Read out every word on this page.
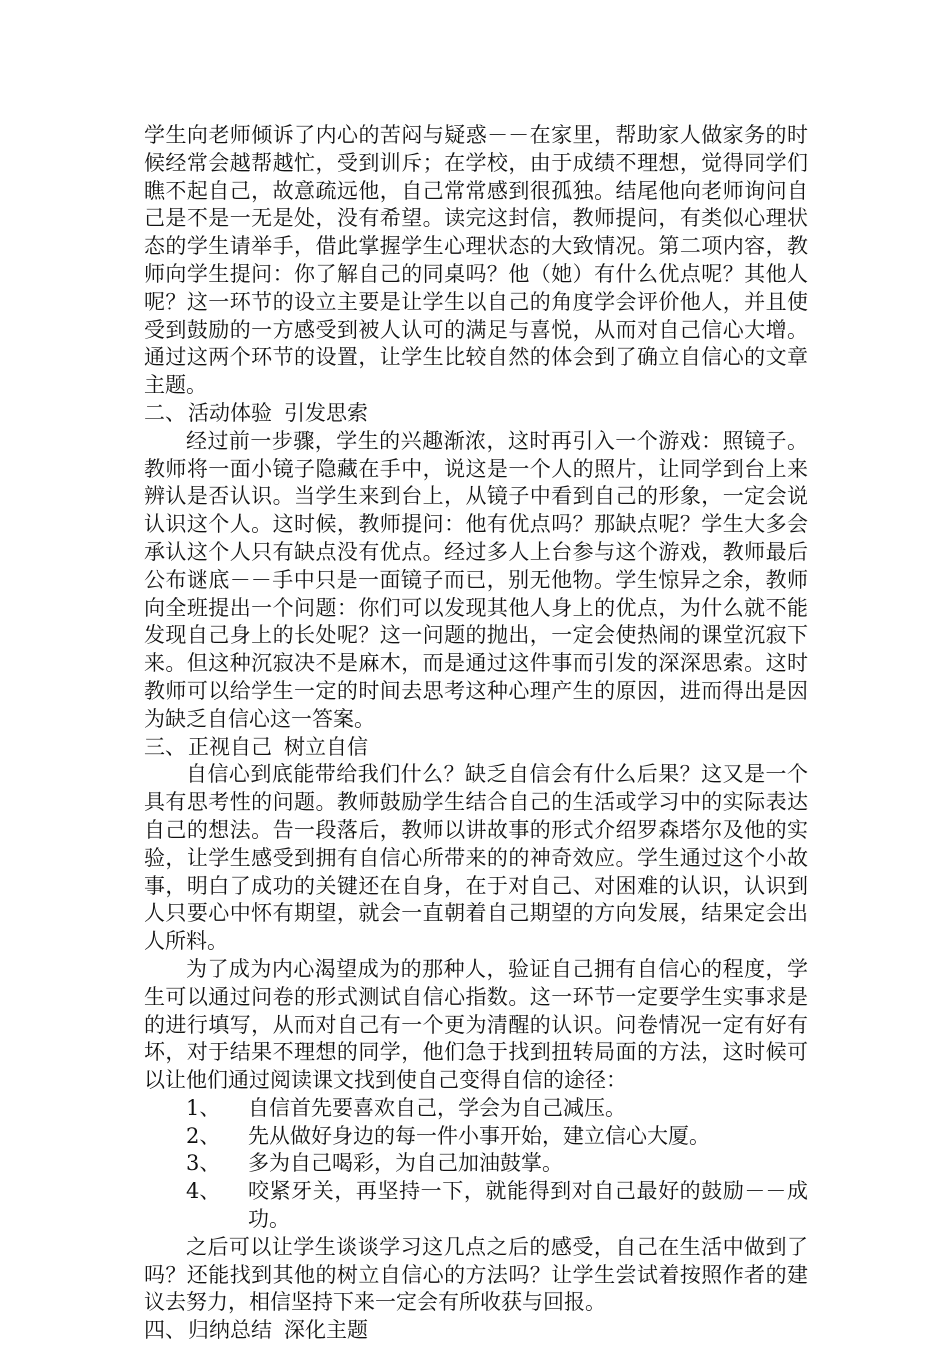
学生向老师倾诉了内心的苦闷与疑惑－－在家里，帮助家人做家务的时候经常会越帮越忙，受到训斥；在学校，由于成绩不理想，觉得同学们瞧不起自己，故意疏远他，自己常常感到很孤独。结尾他向老师询问自己是不是一无是处，没有希望。读完这封信，教师提问，有类似心理状态的学生请举手，借此掌握学生心理状态的大致情况。第二项内容，教师向学生提问：你了解自己的同桌吗？他（她）有什么优点呢？其他人呢？这一环节的设立主要是让学生以自己的角度学会评价他人，并且使受到鼓励的一方感受到被人认可的满足与喜悦，从而对自己信心大增。通过这两个环节的设置，让学生比较自然的体会到了确立自信心的文章主题。

二、 活动体验 引发思索

经过前一步骤，学生的兴趣渐浓，这时再引入一个游戏：照镜子。教师将一面小镜子隐藏在手中，说这是一个人的照片，让同学到台上来辨认是否认识。当学生来到台上，从镜子中看到自己的形象，一定会说认识这个人。这时候，教师提问：他有优点吗？那缺点呢？学生大多会承认这个人只有缺点没有优点。经过多人上台参与这个游戏，教师最后公布谜底－－手中只是一面镜子而已，别无他物。学生惊异之余，教师向全班提出一个问题：你们可以发现其他人身上的优点，为什么就不能发现自己身上的长处呢？这一问题的抛出，一定会使热闹的课堂沉寂下来。但这种沉寂决不是麻木，而是通过这件事而引发的深深思索。这时教师可以给学生一定的时间去思考这种心理产生的原因，进而得出是因为缺乏自信心这一答案。

三、 正视自己 树立自信

自信心到底能带给我们什么？缺乏自信会有什么后果？这又是一个具有思考性的问题。教师鼓励学生结合自己的生活或学习中的实际表达自己的想法。告一段落后，教师以讲故事的形式介绍罗森塔尔及他的实验，让学生感受到拥有自信心所带来的的神奇效应。学生通过这个小故事，明白了成功的关键还在自身，在于对自己、对困难的认识，认识到人只要心中怀有期望，就会一直朝着自己期望的方向发展，结果定会出人所料。

为了成为内心渴望成为的那种人，验证自己拥有自信心的程度，学生可以通过问卷的形式测试自信心指数。这一环节一定要学生实事求是的进行填写，从而对自己有一个更为清醒的认识。问卷情况一定有好有坏，对于结果不理想的同学，他们急于找到扭转局面的方法，这时候可以让他们通过阅读课文找到使自己变得自信的途径：

1、	自信首先要喜欢自己，学会为自己减压。
2、	先从做好身边的每一件小事开始，建立信心大厦。
3、	多为自己喝彩，为自己加油鼓掌。
4、	咬紧牙关，再坚持一下，就能得到对自己最好的鼓励－－成功。

之后可以让学生谈谈学习这几点之后的感受，自己在生活中做到了吗？还能找到其他的树立自信心的方法吗？让学生尝试着按照作者的建议去努力，相信坚持下来一定会有所收获与回报。

四、 归纳总结 深化主题
